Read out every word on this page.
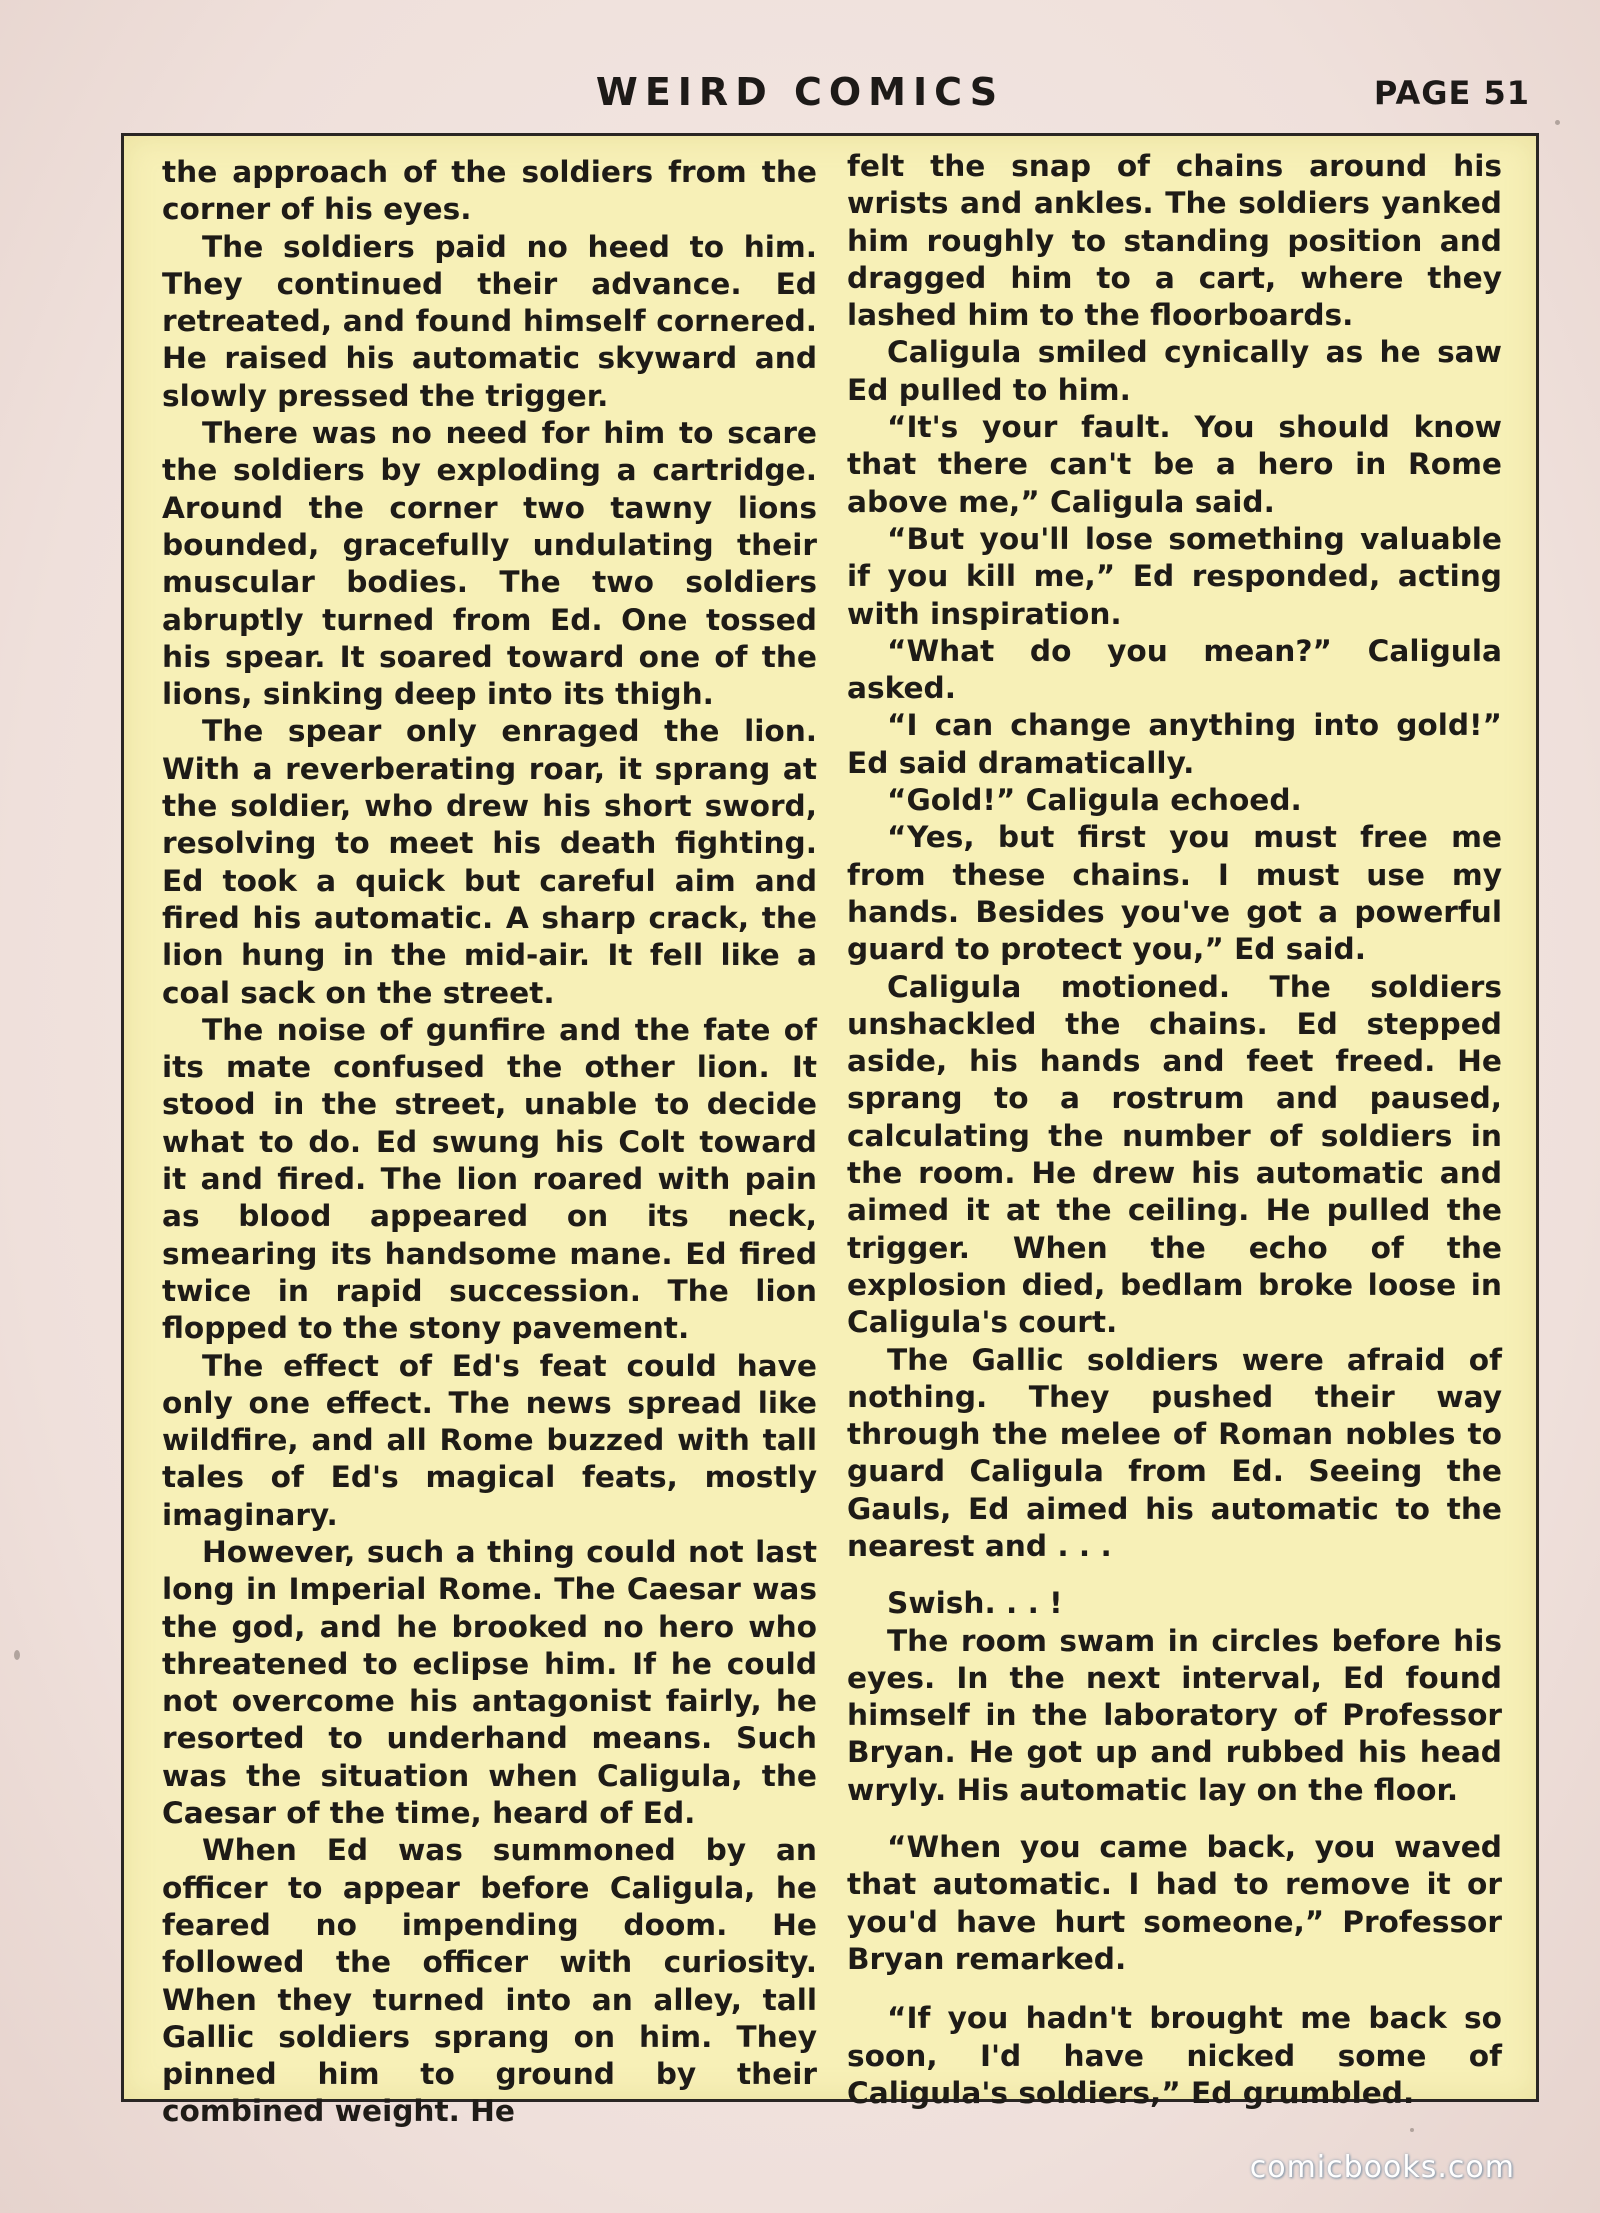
WEIRD COMICS	PAGE 51

the approach of the soldiers from the corner of his eyes.

The soldiers paid no heed to him. They continued their advance. Ed retreated, and found himself cornered. He raised his automatic skyward and slowly pressed the trigger.

There was no need for him to scare the soldiers by exploding a cartridge. Around the corner two tawny lions bounded, gracefully undulating their muscular bodies. The two soldiers abruptly turned from Ed. One tossed his spear. It soared toward one of the lions, sinking deep into its thigh.

The spear only enraged the lion. With a reverberating roar, it sprang at the soldier, who drew his short sword, resolving to meet his death fighting. Ed took a quick but careful aim and fired his automatic. A sharp crack, the lion hung in the mid-air. It fell like a coal sack on the street.

The noise of gunfire and the fate of its mate confused the other lion. It stood in the street, unable to decide what to do. Ed swung his Colt toward it and fired. The lion roared with pain as blood appeared on its neck, smearing its handsome mane. Ed fired twice in rapid succession. The lion flopped to the stony pavement.

The effect of Ed's feat could have only one effect. The news spread like wildfire, and all Rome buzzed with tall tales of Ed's magical feats, mostly imaginary.

However, such a thing could not last long in Imperial Rome. The Caesar was the god, and he brooked no hero who threatened to eclipse him. If he could not overcome his antagonist fairly, he resorted to underhand means. Such was the situation when Caligula, the Caesar of the time, heard of Ed.

When Ed was summoned by an officer to appear before Caligula, he feared no impending doom. He followed the officer with curiosity. When they turned into an alley, tall Gallic soldiers sprang on him. They pinned him to ground by their combined weight. He

felt the snap of chains around his wrists and ankles. The soldiers yanked him roughly to standing position and dragged him to a cart, where they lashed him to the floorboards.

Caligula smiled cynically as he saw Ed pulled to him.

“It's your fault. You should know that there can't be a hero in Rome above me,” Caligula said.

“But you'll lose something valuable if you kill me,” Ed responded, acting with inspiration.

“What do you mean?” Caligula asked.

“I can change anything into gold!” Ed said dramatically.

“Gold!” Caligula echoed.

“Yes, but first you must free me from these chains. I must use my hands. Besides you've got a powerful guard to protect you,” Ed said.

Caligula motioned. The soldiers unshackled the chains. Ed stepped aside, his hands and feet freed. He sprang to a rostrum and paused, calculating the number of soldiers in the room. He drew his automatic and aimed it at the ceiling. He pulled the trigger. When the echo of the explosion died, bedlam broke loose in Caligula's court.

The Gallic soldiers were afraid of nothing. They pushed their way through the melee of Roman nobles to guard Caligula from Ed. Seeing the Gauls, Ed aimed his automatic to the nearest and . . .

Swish. . . !

The room swam in circles before his eyes. In the next interval, Ed found himself in the laboratory of Professor Bryan. He got up and rubbed his head wryly. His automatic lay on the floor.

“When you came back, you waved that automatic. I had to remove it or you'd have hurt someone,” Professor Bryan remarked.

“If you hadn't brought me back so soon, I'd have nicked some of Caligula's soldiers,” Ed grumbled.

comicbooks.com
